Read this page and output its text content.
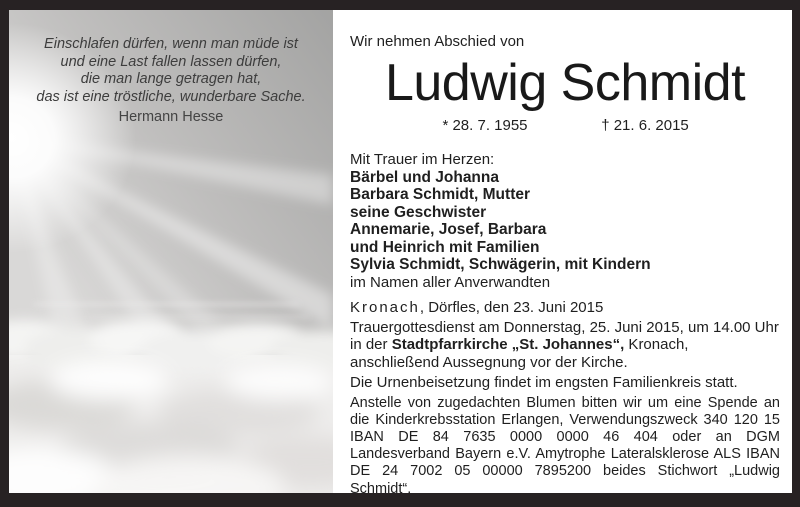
Einschlafen dürfen, wenn man müde ist
und eine Last fallen lassen dürfen,
die man lange getragen hat,
das ist eine tröstliche, wunderbare Sache.
Hermann Hesse
Wir nehmen Abschied von
Ludwig Schmidt
* 28. 7. 1955	† 21. 6. 2015
Mit Trauer im Herzen:
Bärbel und Johanna
Barbara Schmidt, Mutter
seine Geschwister
Annemarie, Josef, Barbara
und Heinrich mit Familien
Sylvia Schmidt, Schwägerin, mit Kindern
im Namen aller Anverwandten
Kronach, Dörfles, den 23. Juni 2015
Trauergottesdienst am Donnerstag, 25. Juni 2015, um 14.00 Uhr
in der Stadtpfarrkirche „St. Johannes“, Kronach,
anschließend Aussegnung vor der Kirche.
Die Urnenbeisetzung findet im engsten Familienkreis statt.
Anstelle von zugedachten Blumen bitten wir um eine Spende an die Kinderkrebsstation Erlangen, Verwendungszweck 340 120 15 IBAN DE 84 7635 0000 0000 46 404 oder an DGM Landesverband Bayern e.V. Amytrophe Lateralsklerose ALS IBAN DE 24 7002 05 00000 7895200 beides Stichwort „Ludwig Schmidt“.
